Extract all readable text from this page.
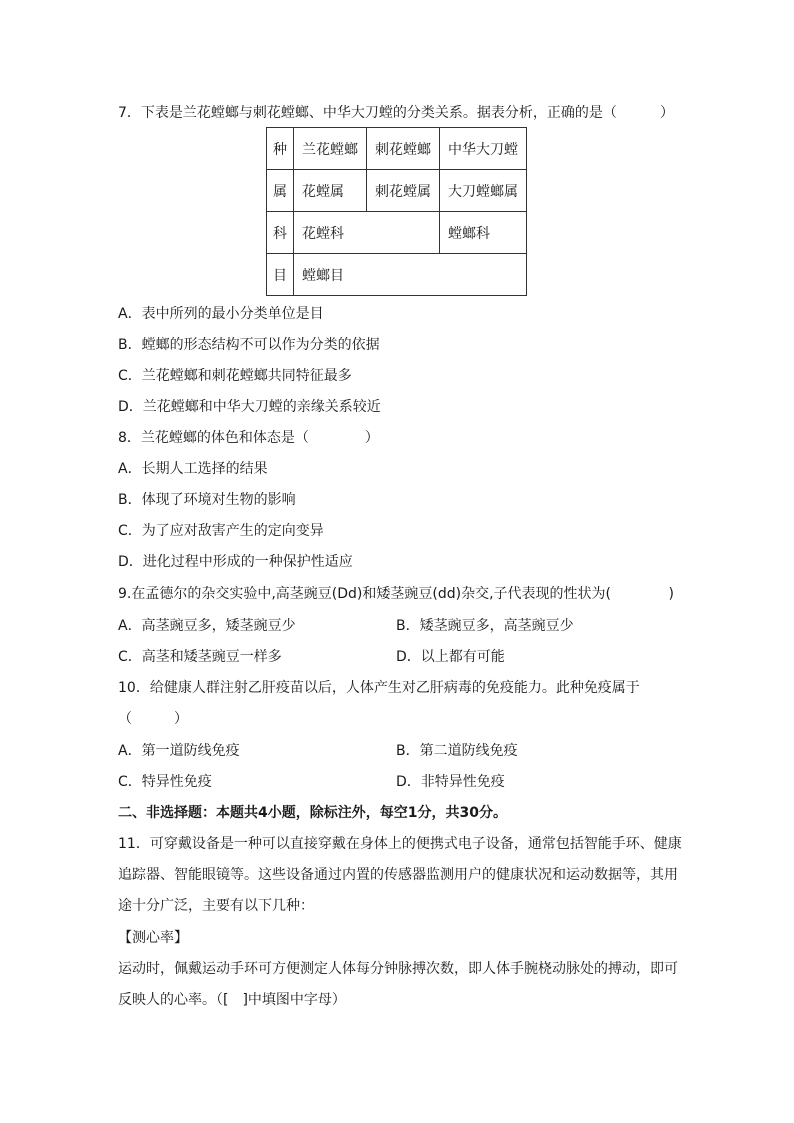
7．下表是兰花螳螂与刺花螳螂、中华大刀螳的分类关系。据表分析，正确的是（	）
种	兰花螳螂	刺花螳螂	中华大刀螳
属	花螳属	刺花螳属	大刀螳螂属
科	花螳科		螳螂科
目	螳螂目		
A．表中所列的最小分类单位是目
B．螳螂的形态结构不可以作为分类的依据
C．兰花螳螂和刺花螳螂共同特征最多
D．兰花螳螂和中华大刀螳的亲缘关系较近
8．兰花螳螂的体色和体态是（　　　　）
A．长期人工选择的结果
B．体现了环境对生物的影响
C．为了应对敌害产生的定向变异
D．进化过程中形成的一种保护性适应
9.在孟德尔的杂交实验中,高茎豌豆(Dd)和矮茎豌豆(dd)杂交,子代表现的性状为(	)
A．高茎豌豆多，矮茎豌豆少	B．矮茎豌豆多，高茎豌豆少
C．高茎和矮茎豌豆一样多	D．以上都有可能
10．给健康人群注射乙肝疫苗以后，人体产生对乙肝病毒的免疫能力。此种免疫属于
（　　　）
A．第一道防线免疫	B．第二道防线免疫
C．特异性免疫	D．非特异性免疫
二、非选择题：本题共4小题，除标注外，每空1分，共30分。
11．可穿戴设备是一种可以直接穿戴在身体上的便携式电子设备，通常包括智能手环、健康
追踪器、智能眼镜等。这些设备通过内置的传感器监测用户的健康状况和运动数据等，其用
途十分广泛，主要有以下几种：
【测心率】
运动时，佩戴运动手环可方便测定人体每分钟脉搏次数，即人体手腕桡动脉处的搏动，即可
反映人的心率。（[　]中填图中字母）
